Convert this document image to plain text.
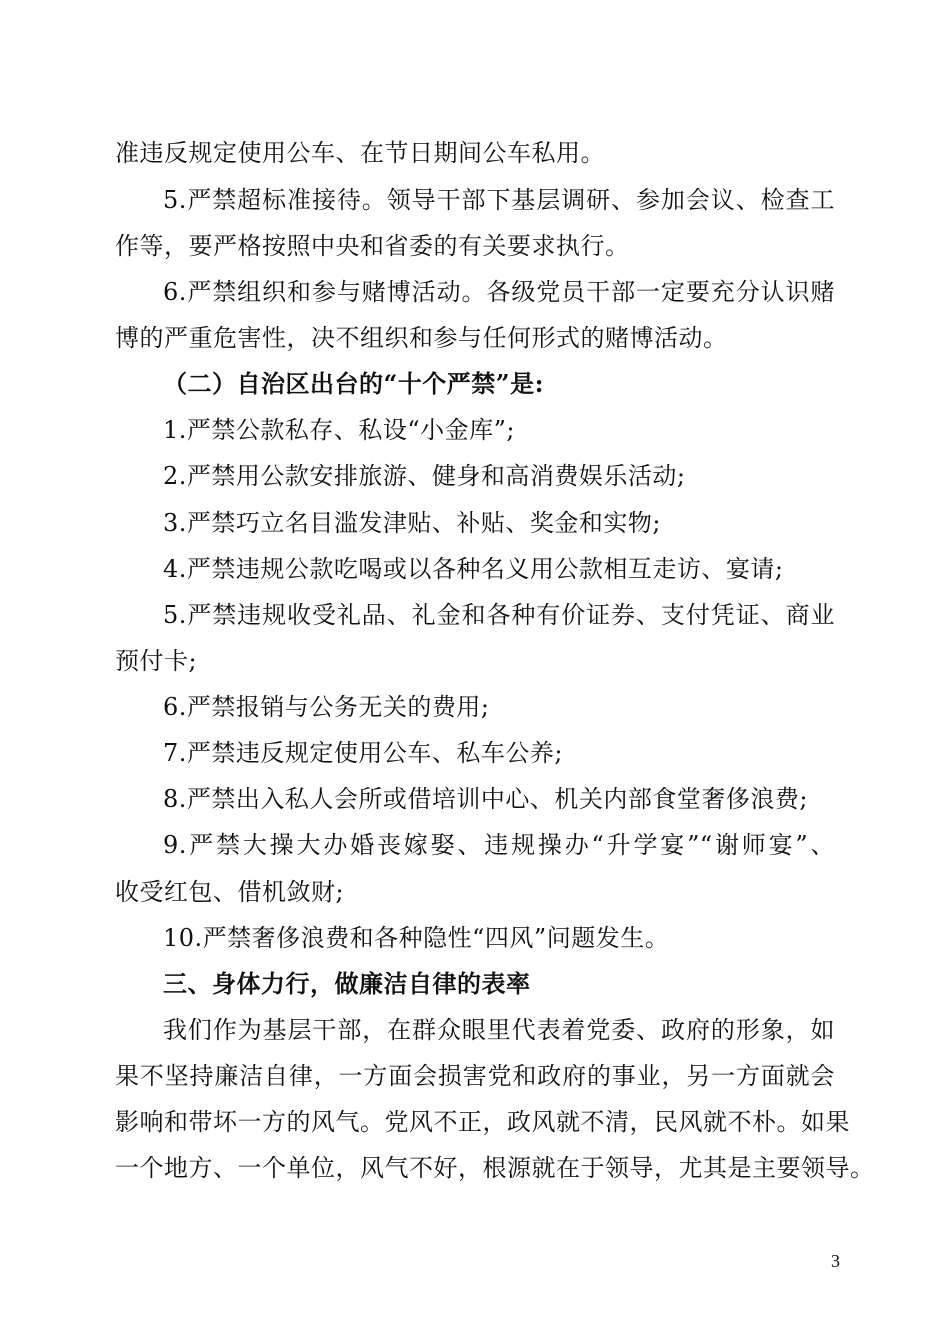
准违反规定使用公车、在节日期间公车私用。
5.严禁超标准接待。领导干部下基层调研、参加会议、检查工
作等，要严格按照中央和省委的有关要求执行。
6.严禁组织和参与赌博活动。各级党员干部一定要充分认识赌
博的严重危害性，决不组织和参与任何形式的赌博活动。
（二）自治区出台的“十个严禁”是:
1.严禁公款私存、私设“小金库”;
2.严禁用公款安排旅游、健身和高消费娱乐活动;
3.严禁巧立名目滥发津贴、补贴、奖金和实物;
4.严禁违规公款吃喝或以各种名义用公款相互走访、宴请;
5.严禁违规收受礼品、礼金和各种有价证券、支付凭证、商业
预付卡;
6.严禁报销与公务无关的费用;
7.严禁违反规定使用公车、私车公养;
8.严禁出入私人会所或借培训中心、机关内部食堂奢侈浪费;
9.严禁大操大办婚丧嫁娶、违规操办“升学宴”“谢师宴”、
收受红包、借机敛财;
10.严禁奢侈浪费和各种隐性“四风”问题发生。
三、身体力行，做廉洁自律的表率
我们作为基层干部，在群众眼里代表着党委、政府的形象，如
果不坚持廉洁自律，一方面会损害党和政府的事业，另一方面就会
影响和带坏一方的风气。党风不正，政风就不清，民风就不朴。如果
一个地方、一个单位，风气不好，根源就在于领导，尤其是主要领导。
3
